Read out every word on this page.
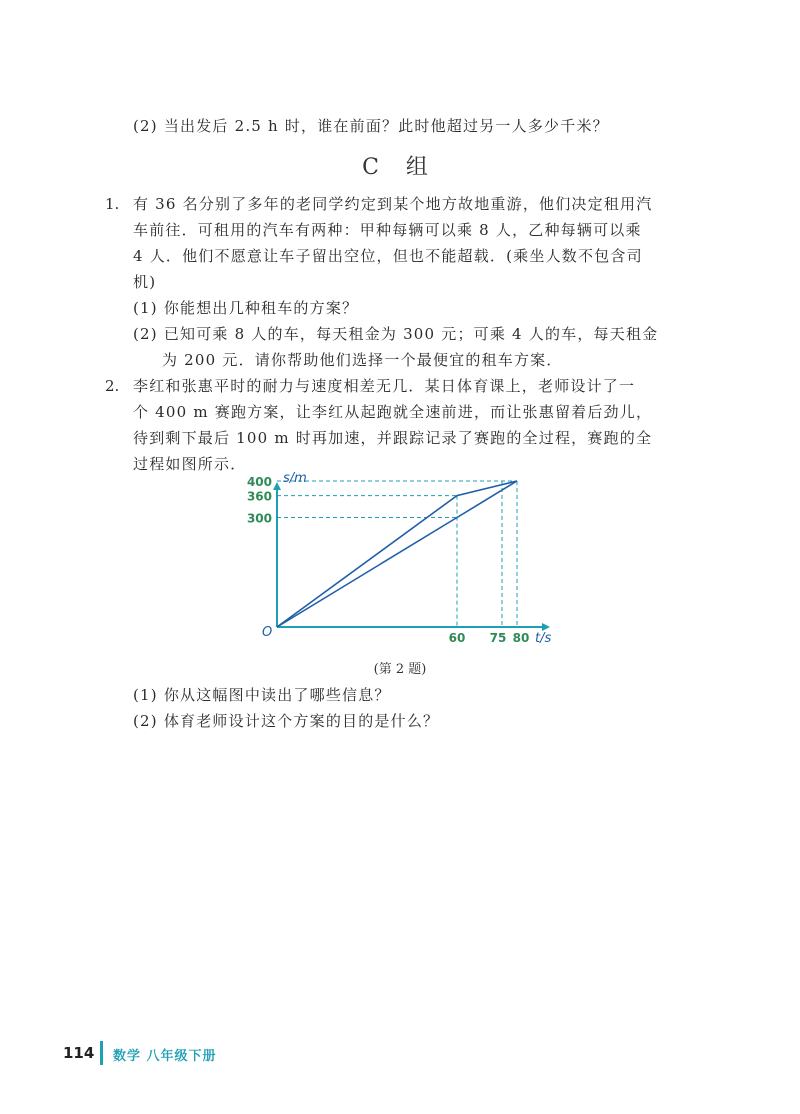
(2) 当出发后 2.5 h 时，谁在前面？此时他超过另一人多少千米？
C 组
1. 有 36 名分别了多年的老同学约定到某个地方故地重游，他们决定租用汽
车前往．可租用的汽车有两种：甲种每辆可以乘 8 人，乙种每辆可以乘
4 人．他们不愿意让车子留出空位，但也不能超载．(乘坐人数不包含司
机)
(1) 你能想出几种租车的方案？
(2) 已知可乘 8 人的车，每天租金为 300 元；可乘 4 人的车，每天租金
为 200 元．请你帮助他们选择一个最便宜的租车方案．
2. 李红和张惠平时的耐力与速度相差无几．某日体育课上，老师设计了一
个 400 m 赛跑方案，让李红从起跑就全速前进，而让张惠留着后劲儿，
待到剩下最后 100 m 时再加速，并跟踪记录了赛跑的全过程，赛跑的全
过程如图所示．
300
360
400
60 75 80
s/m
t/s
O
(第 2 题)
(1) 你从这幅图中读出了哪些信息？
(2) 体育老师设计这个方案的目的是什么？
114 数学 八年级下册
